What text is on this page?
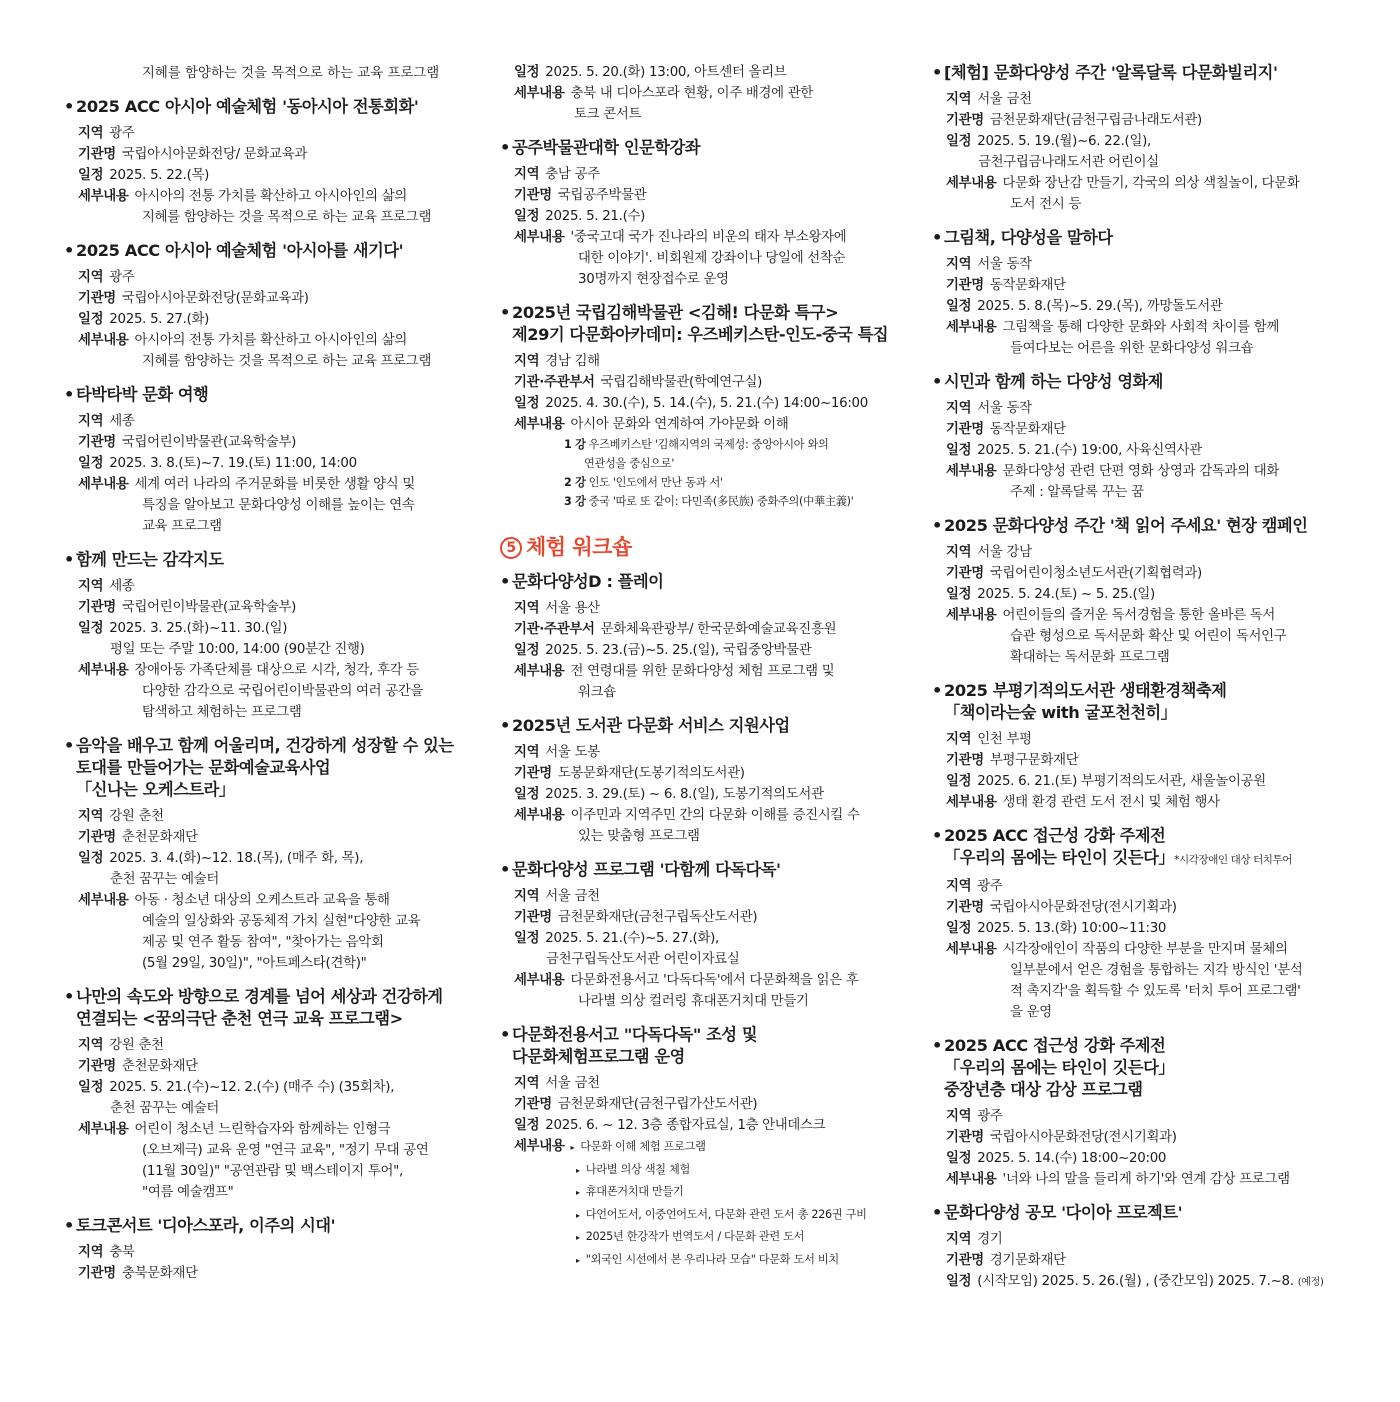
지혜를 함양하는 것을 목적으로 하는 교육 프로그램
• 2025 ACC 아시아 예술체험 '동아시아 전통회화'
지역 광주
기관명 국립아시아문화전당/ 문화교육과
일정 2025. 5. 22.(목)
세부내용 아시아의 전통 가치를 확산하고 아시아인의 삶의
지혜를 함양하는 것을 목적으로 하는 교육 프로그램
• 2025 ACC 아시아 예술체험 '아시아를 새기다'
지역 광주
기관명 국립아시아문화전당(문화교육과)
일정 2025. 5. 27.(화)
세부내용 아시아의 전통 가치를 확산하고 아시아인의 삶의
지혜를 함양하는 것을 목적으로 하는 교육 프로그램
• 타박타박 문화 여행
지역 세종
기관명 국립어린이박물관(교육학술부)
일정 2025. 3. 8.(토)~7. 19.(토) 11:00, 14:00
세부내용 세계 여러 나라의 주거문화를 비롯한 생활 양식 및
특징을 알아보고 문화다양성 이해를 높이는 연속
교육 프로그램
• 함께 만드는 감각지도
지역 세종
기관명 국립어린이박물관(교육학술부)
일정 2025. 3. 25.(화)~11. 30.(일)
평일 또는 주말 10:00, 14:00 (90분간 진행)
세부내용 장애아동 가족단체를 대상으로 시각, 청각, 후각 등
다양한 감각으로 국립어린이박물관의 여러 공간을
탐색하고 체험하는 프로그램
• 음악을 배우고 함께 어울리며, 건강하게 성장할 수 있는
토대를 만들어가는 문화예술교육사업
「신나는 오케스트라」
지역 강원 춘천
기관명 춘천문화재단
일정 2025. 3. 4.(화)~12. 18.(목), (매주 화, 목),
춘천 꿈꾸는 예술터
세부내용 아동 · 청소년 대상의 오케스트라 교육을 통해
예술의 일상화와 공동체적 가치 실현"다양한 교육
제공 및 연주 활동 참여", "찾아가는 음악회
(5월 29일, 30일)", "아트페스타(견학)"
• 나만의 속도와 방향으로 경계를 넘어 세상과 건강하게
연결되는 <꿈의극단 춘천 연극 교육 프로그램>
지역 강원 춘천
기관명 춘천문화재단
일정 2025. 5. 21.(수)~12. 2.(수) (매주 수) (35회차),
춘천 꿈꾸는 예술터
세부내용 어린이 청소년 느린학습자와 함께하는 인형극
(오브제극) 교육 운영 "연극 교육", "정기 무대 공연
(11월 30일)" "공연관람 및 백스테이지 투어",
"여름 예술캠프"
• 토크콘서트 '디아스포라, 이주의 시대'
지역 충북
기관명 충북문화재단
일정 2025. 5. 20.(화) 13:00, 아트센터 올리브
세부내용 충북 내 디아스포라 현황, 이주 배경에 관한
토크 콘서트
• 공주박물관대학 인문학강좌
지역 충남 공주
기관명 국립공주박물관
일정 2025. 5. 21.(수)
세부내용 '중국고대 국가 진나라의 비운의 태자 부소왕자에
대한 이야기'. 비회원제 강좌이나 당일에 선착순
30명까지 현장접수로 운영
• 2025년 국립김해박물관 <김해! 다문화 특구>
제29기 다문화아카데미: 우즈베키스탄-인도-중국 특집
지역 경남 김해
기관·주관부서 국립김해박물관(학예연구실)
일정 2025. 4. 30.(수), 5. 14.(수), 5. 21.(수) 14:00~16:00
세부내용 아시아 문화와 연계하여 가야문화 이해
1 강 우즈베키스탄 '김해지역의 국제성: 중앙아시아 와의
연관성을 중심으로'
2 강 인도 '인도에서 만난 동과 서'
3 강 중국 '따로 또 같이: 다민족(多民族) 중화주의(中華主義)'
5 체험 워크숍
• 문화다양성D : 플레이
지역 서울 용산
기관·주관부서 문화체육관광부/ 한국문화예술교육진흥원
일정 2025. 5. 23.(금)~5. 25.(일), 국립중앙박물관
세부내용 전 연령대를 위한 문화다양성 체험 프로그램 및
워크숍
• 2025년 도서관 다문화 서비스 지원사업
지역 서울 도봉
기관명 도봉문화재단(도봉기적의도서관)
일정 2025. 3. 29.(토) ~ 6. 8.(일), 도봉기적의도서관
세부내용 이주민과 지역주민 간의 다문화 이해를 증진시킬 수
있는 맞춤형 프로그램
• 문화다양성 프로그램 '다함께 다독다독'
지역 서울 금천
기관명 금천문화재단(금천구립독산도서관)
일정 2025. 5. 21.(수)~5. 27.(화),
금천구립독산도서관 어린이자료실
세부내용 다문화전용서고 '다독다독'에서 다문화책을 읽은 후
나라별 의상 컬러링 휴대폰거치대 만들기
• 다문화전용서고 "다독다독" 조성 및
다문화체험프로그램 운영
지역 서울 금천
기관명 금천문화재단(금천구립가산도서관)
일정 2025. 6. ~ 12. 3층 종합자료실, 1층 안내데스크
세부내용▸ 다문화 이해 체험 프로그램
▸ 나라별 의상 색칠 체험
▸ 휴대폰거치대 만들기
▸ 다언어도서, 이중언어도서, 다문화 관련 도서 총 226권 구비
▸ 2025년 한강작가 번역도서 / 다문화 관련 도서
▸ "외국인 시선에서 본 우리나라 모습" 다문화 도서 비치
• [체험] 문화다양성 주간 '알록달록 다문화빌리지'
지역 서울 금천
기관명 금천문화재단(금천구립금나래도서관)
일정 2025. 5. 19.(월)~6. 22.(일),
금천구립금나래도서관 어린이실
세부내용 다문화 장난감 만들기, 각국의 의상 색칠놀이, 다문화
도서 전시 등
• 그림책, 다양성을 말하다
지역 서울 동작
기관명 동작문화재단
일정 2025. 5. 8.(목)~5. 29.(목), 까망돌도서관
세부내용 그림책을 통해 다양한 문화와 사회적 차이를 함께
들여다보는 어른을 위한 문화다양성 워크숍
• 시민과 함께 하는 다양성 영화제
지역 서울 동작
기관명 동작문화재단
일정 2025. 5. 21.(수) 19:00, 사육신역사관
세부내용 문화다양성 관련 단편 영화 상영과 감독과의 대화
주제 : 알록달록 꾸는 꿈
• 2025 문화다양성 주간 '책 읽어 주세요' 현장 캠페인
지역 서울 강남
기관명 국립어린이청소년도서관(기획협력과)
일정 2025. 5. 24.(토) ~ 5. 25.(일)
세부내용 어린이들의 즐거운 독서경험을 통한 올바른 독서
습관 형성으로 독서문화 확산 및 어린이 독서인구
확대하는 독서문화 프로그램
• 2025 부평기적의도서관 생태환경책축제
「책이라는숲 with 굴포천천히」
지역 인천 부평
기관명 부평구문화재단
일정 2025. 6. 21.(토) 부평기적의도서관, 새울놀이공원
세부내용 생태 환경 관련 도서 전시 및 체험 행사
• 2025 ACC 접근성 강화 주제전
「우리의 몸에는 타인이 깃든다」*시각장애인 대상 터치투어
지역 광주
기관명 국립아시아문화전당(전시기획과)
일정 2025. 5. 13.(화) 10:00~11:30
세부내용 시각장애인이 작품의 다양한 부분을 만지며 물체의
일부분에서 얻은 경험을 통합하는 지각 방식인 '분석
적 촉지각'을 획득할 수 있도록 '터치 투어 프로그램'
을 운영
• 2025 ACC 접근성 강화 주제전
「우리의 몸에는 타인이 깃든다」
중장년층 대상 감상 프로그램
지역 광주
기관명 국립아시아문화전당(전시기획과)
일정 2025. 5. 14.(수) 18:00~20:00
세부내용 '너와 나의 말을 들리게 하기'와 연계 감상 프로그램
• 문화다양성 공모 '다이아 프로젝트'
지역 경기
기관명 경기문화재단
일정 (시작모임) 2025. 5. 26.(월) , (중간모임) 2025. 7.~8. (예정)
